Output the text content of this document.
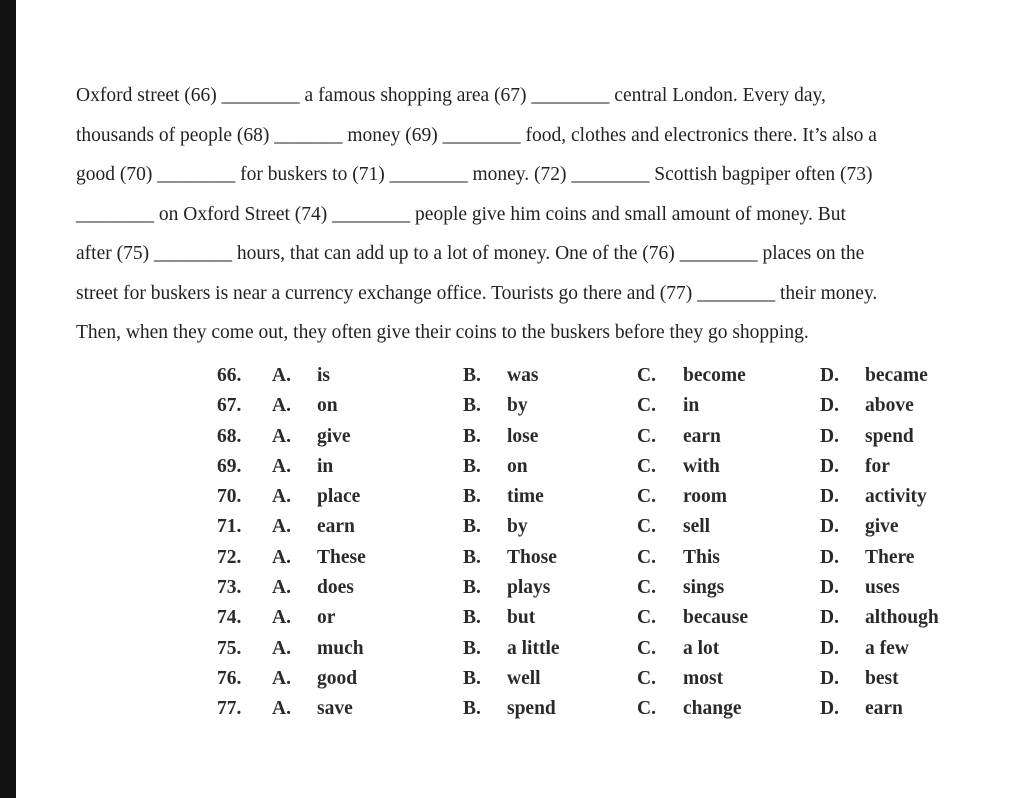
Oxford street (66) ________ a famous shopping area (67) ________ central London. Every day,
thousands of people (68) _______ money (69) ________ food, clothes and electronics there. It’s also a
good (70) ________ for buskers to (71) ________ money. (72) ________ Scottish bagpiper often (73)
________ on Oxford Street (74) ________ people give him coins and small amount of money. But
after (75) ________ hours, that can add up to a lot of money. One of the (76) ________ places on the
street for buskers is near a currency exchange office. Tourists go there and (77) ________ their money.
Then, when they come out, they often give their coins to the buskers before they go shopping.
66. A. is	B. was	C. become	D. became
67. A. on	B. by	C. in	D. above
68. A. give	B. lose	C. earn	D. spend
69. A. in	B. on	C. with	D. for
70. A. place	B. time	C. room	D. activity
71. A. earn	B. by	C. sell	D. give
72. A. These	B. Those	C. This	D. There
73. A. does	B. plays	C. sings	D. uses
74. A. or	B. but	C. because	D. although
75. A. much	B. a little	C. a lot	D. a few
76. A. good	B. well	C. most	D. best
77. A. save	B. spend	C. change	D. earn
